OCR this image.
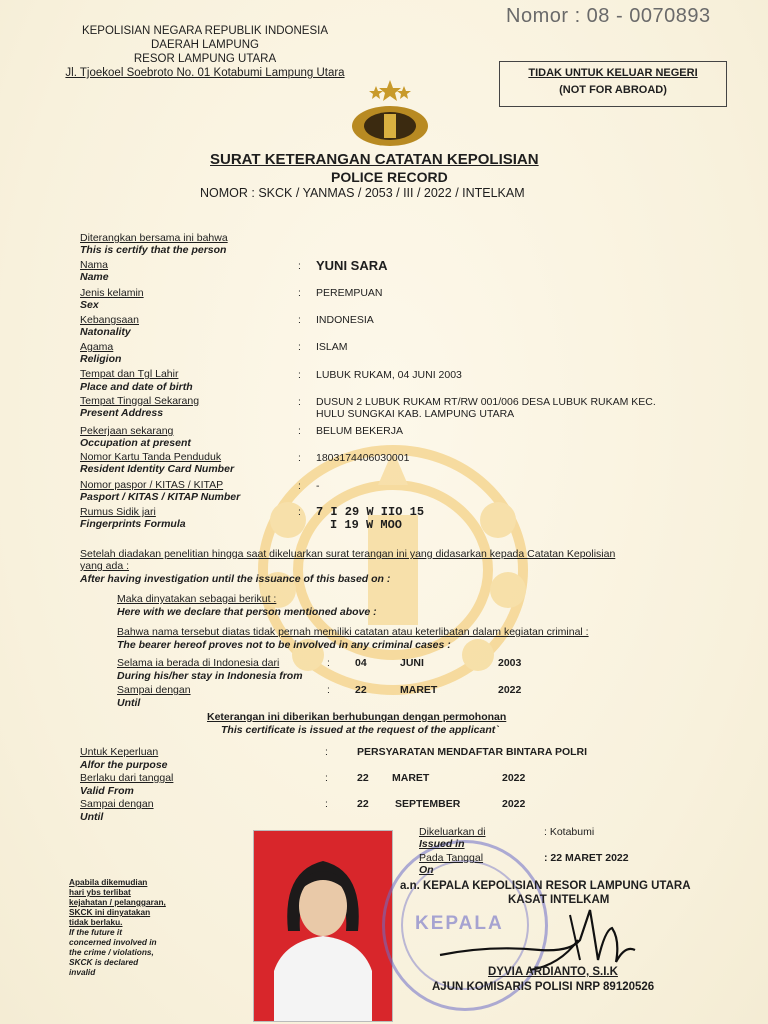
KEPOLISIAN NEGARA REPUBLIK INDONESIA
DAERAH LAMPUNG
RESOR LAMPUNG UTARA
Jl. Tjoekoel Soebroto No. 01 Kotabumi Lampung Utara
Nomor : 08 - 0070893
TIDAK UNTUK KELUAR NEGERI
(NOT FOR ABROAD)
SURAT KETERANGAN CATATAN KEPOLISIAN
POLICE RECORD
NOMOR : SKCK / YANMAS / 2053 / III / 2022 / INTELKAM
Diterangkan bersama ini bahwa
This is certify that the person
Nama
Name
: YUNI SARA
Jenis kelamin
Sex
: PEREMPUAN
Kebangsaan
Natonality
: INDONESIA
Agama
Religion
: ISLAM
Tempat dan Tgl Lahir
Place and date of birth
: LUBUK RUKAM, 04 JUNI 2003
Tempat Tinggal Sekarang
Present Address
: DUSUN 2 LUBUK RUKAM RT/RW 001/006 DESA LUBUK RUKAM KEC.
HULU SUNGKAI KAB. LAMPUNG UTARA
Pekerjaan sekarang
Occupation at present
: BELUM BEKERJA
Nomor Kartu Tanda Penduduk
Resident Identity Card Number
: 1803174406030001
Nomor paspor / KITAS / KITAP
Pasport / KITAS / KITAP Number
: -
Rumus Sidik jari
Fingerprints Formula
: 7 I 29 W IIO 15
I 19 W MOO
Setelah diadakan penelitian hingga saat dikeluarkan surat terangan ini yang didasarkan kepada Catatan Kepolisian
yang ada :
After having investigation until the issuance of this based on :
Maka dinyatakan sebagai berikut :
Here with we declare that person mentioned above :
Bahwa nama tersebut diatas tidak pernah memiliki catatan atau keterlibatan dalam kegiatan criminal :
The bearer hereof proves not to be involved in any criminal cases :
Selama ia berada di Indonesia dari
During his/her stay in Indonesia from
: 04	JUNI	2003
Sampai dengan
Until
: 22	MARET	2022
Keterangan ini diberikan berhubungan dengan permohonan
This certificate is issued at the request of the applicant`
Untuk Keperluan
Alfor the purpose
:	PERSYARATAN MENDAFTAR BINTARA POLRI
Berlaku dari tanggal
Valid From
:	22 MARET	2022
Sampai dengan
Until
:	22	SEPTEMBER	2022
KEPALA
Dikeluarkan di
Issued in
: Kotabumi
Pada Tanggal
On
: 22 MARET 2022
a.n. KEPALA KEPOLISIAN RESOR LAMPUNG UTARA
KASAT INTELKAM
DYVIA ARDIANTO, S.I.K
AJUN KOMISARIS POLISI NRP 89120526
Apabila dikemudian
hari ybs terlibat
kejahatan / pelanggaran,
SKCK ini dinyatakan
tidak berlaku.
If the future it
concerned involved in
the crime / violations,
SKCK is declared
invalid
